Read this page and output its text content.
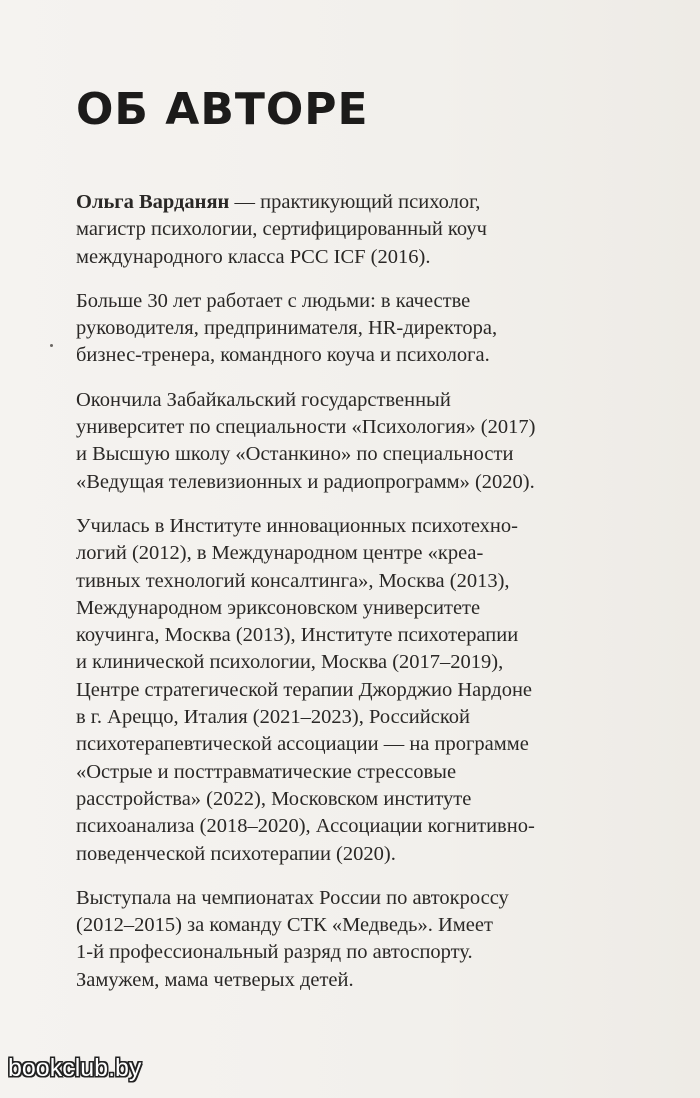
ОБ АВТОРЕ

Ольга Варданян — практикующий психолог,
магистр психологии, сертифицированный коуч
международного класса PCC ICF (2016).

Больше 30 лет работает с людьми: в качестве
руководителя, предпринимателя, HR-директора,
бизнес-тренера, командного коуча и психолога.

Окончила Забайкальский государственный
университет по специальности «Психология» (2017)
и Высшую школу «Останкино» по специальности
«Ведущая телевизионных и радиопрограмм» (2020).

Училась в Институте инновационных психотехно-
логий (2012), в Международном центре «креа-
тивных технологий консалтинга», Москва (2013),
Международном эриксоновском университете
коучинга, Москва (2013), Институте психотерапии
и клинической психологии, Москва (2017–2019),
Центре стратегической терапии Джорджио Нардоне
в г. Ареццо, Италия (2021–2023), Российской
психотерапевтической ассоциации — на программе
«Острые и посттравматические стрессовые
расстройства» (2022), Московском институте
психоанализа (2018–2020), Ассоциации когнитивно-
поведенческой психотерапии (2020).

Выступала на чемпионатах России по автокроссу
(2012–2015) за команду СТК «Медведь». Имеет
1-й профессиональный разряд по автоспорту.
Замужем, мама четверых детей.

bookclub.by
